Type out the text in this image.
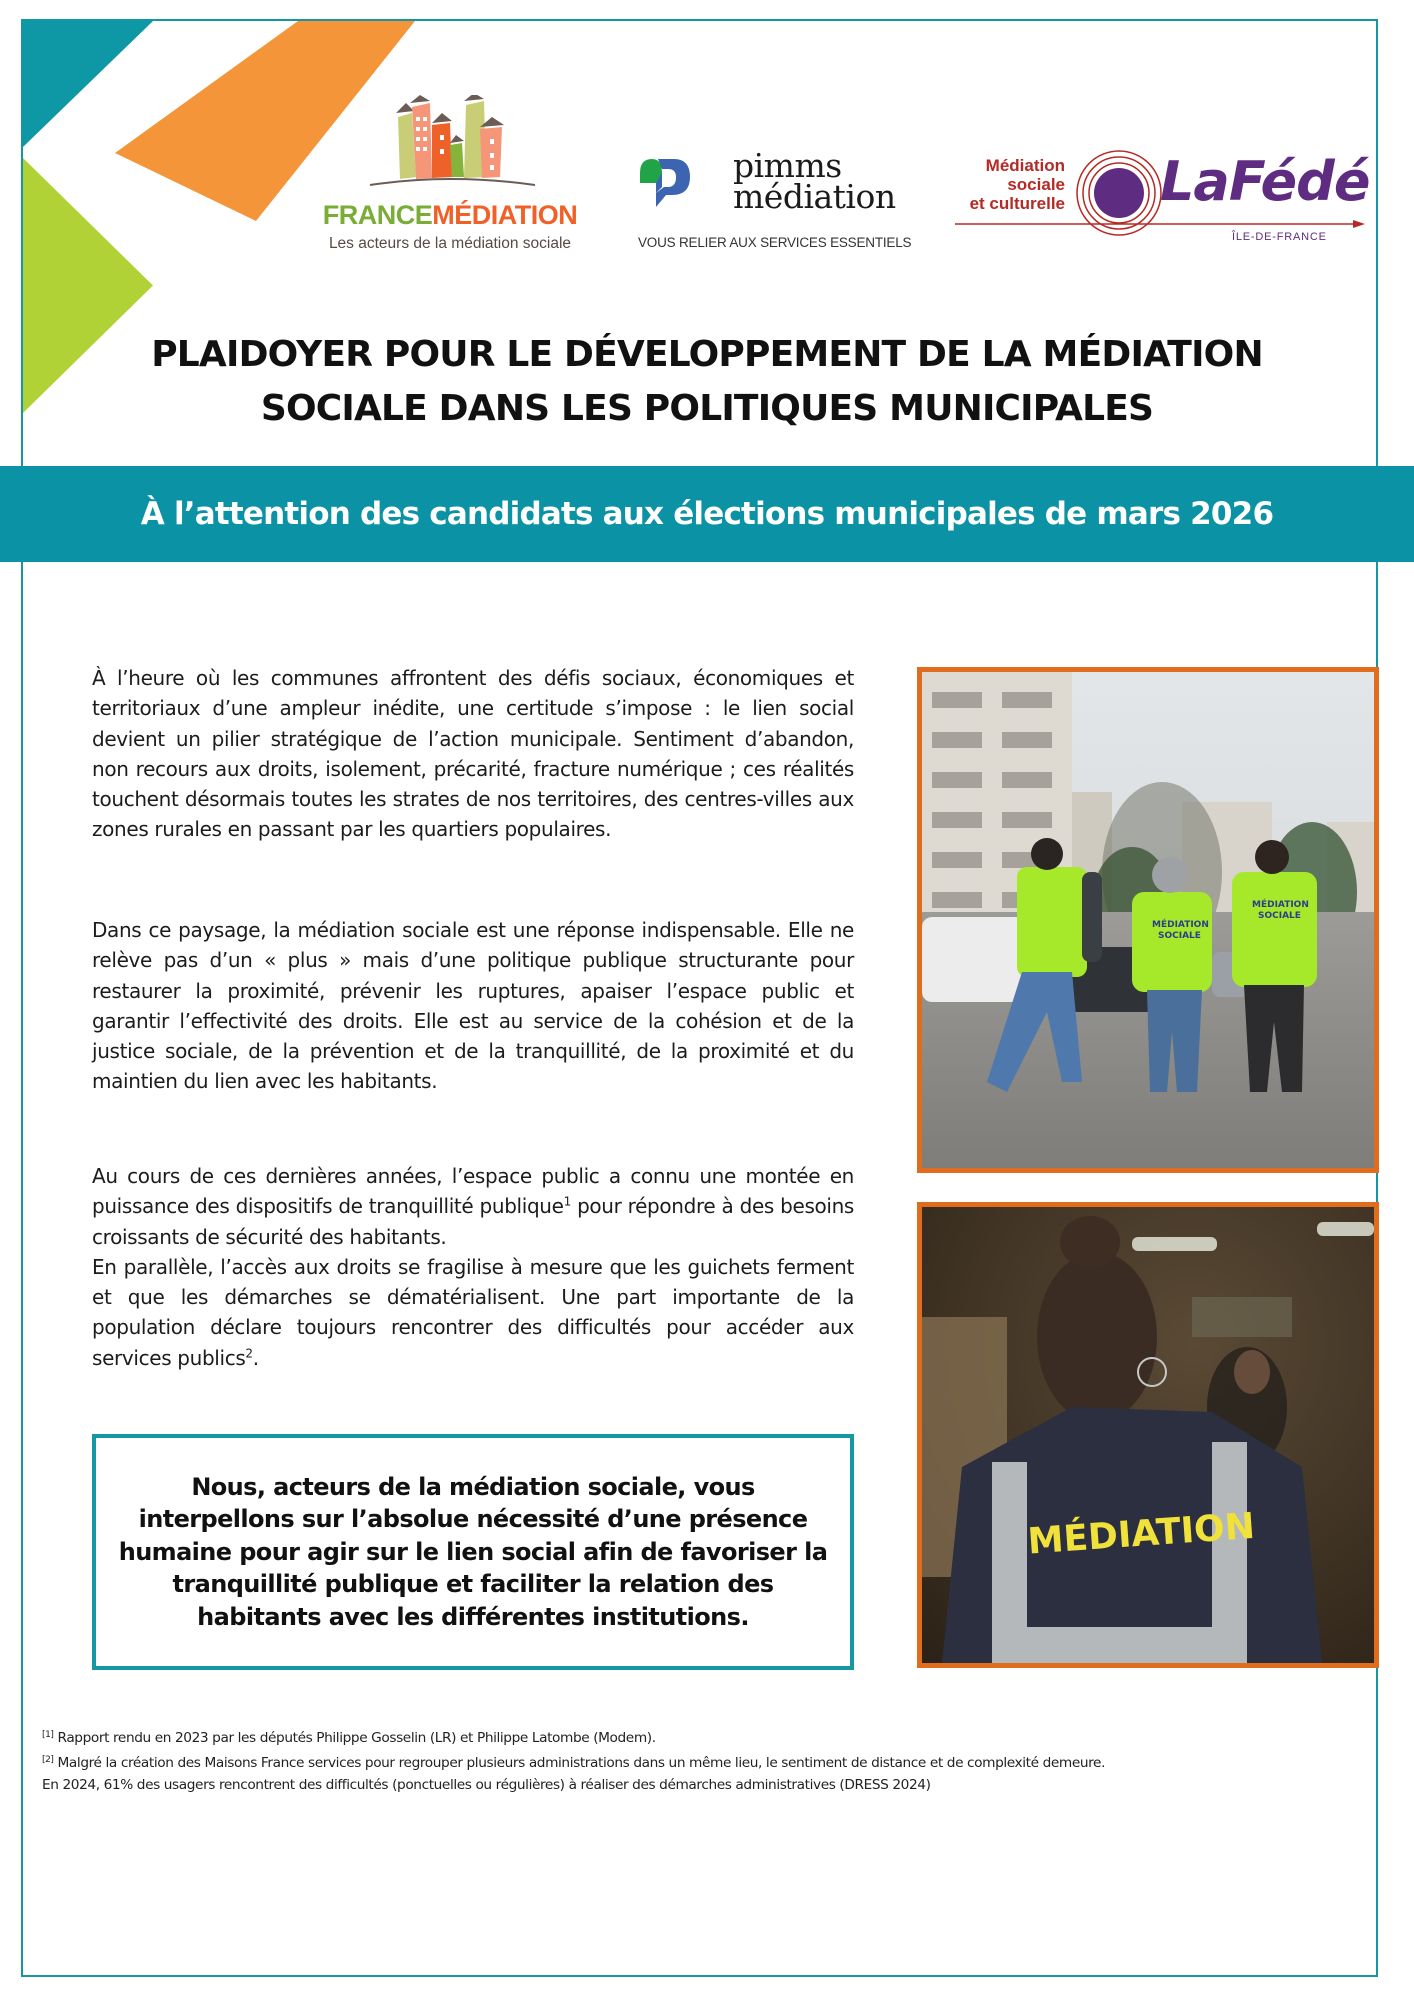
FRANCEMÉDIATION
Les acteurs de la médiation sociale
pimms
médiation
VOUS RELIER AUX SERVICES ESSENTIELS
Médiation
sociale
et culturelle LaFédé
ÎLE-DE-FRANCE
PLAIDOYER POUR LE DÉVELOPPEMENT DE LA MÉDIATION
SOCIALE DANS LES POLITIQUES MUNICIPALES
À l’attention des candidats aux élections municipales de mars 2026

À l’heure où les communes affrontent des défis sociaux, économiques et territoriaux d’une ampleur inédite, une certitude s’impose : le lien social devient un pilier stratégique de l’action municipale. Sentiment d’abandon, non recours aux droits, isolement, précarité, fracture numérique ; ces réalités touchent désormais toutes les strates de nos territoires, des centres-villes aux zones rurales en passant par les quartiers populaires.

Dans ce paysage, la médiation sociale est une réponse indispensable. Elle ne relève pas d’un « plus » mais d’une politique publique structurante pour restaurer la proximité, prévenir les ruptures, apaiser l’espace public et garantir l’effectivité des droits. Elle est au service de la cohésion et de la justice sociale, de la prévention et de la tranquillité, de la proximité et du maintien du lien avec les habitants.

Au cours de ces dernières années, l’espace public a connu une montée en puissance des dispositifs de tranquillité publique$^1$ pour répondre à des besoins croissants de sécurité des habitants.

En parallèle, l’accès aux droits se fragilise à mesure que les guichets ferment et que les démarches se dématérialisent. Une part importante de la population déclare toujours rencontrer des difficultés pour accéder aux services publics$^2$.

Nous, acteurs de la médiation sociale, vous interpellons sur l’absolue nécessité d’une présence humaine pour agir sur le lien social afin de favoriser la tranquillité publique et faciliter la relation des habitants avec les différentes institutions.
MÉDIATION
SOCIALE
MÉDIATION
SOCIALE
MÉDIATION

[1] Rapport rendu en 2023 par les députés Philippe Gosselin (LR) et Philippe Latombe (Modem).

[2] Malgré la création des Maisons France services pour regrouper plusieurs administrations dans un même lieu, le sentiment de distance et de complexité demeure.

En 2024, 61% des usagers rencontrent des difficultés (ponctuelles ou régulières) à réaliser des démarches administratives (DRESS 2024)
